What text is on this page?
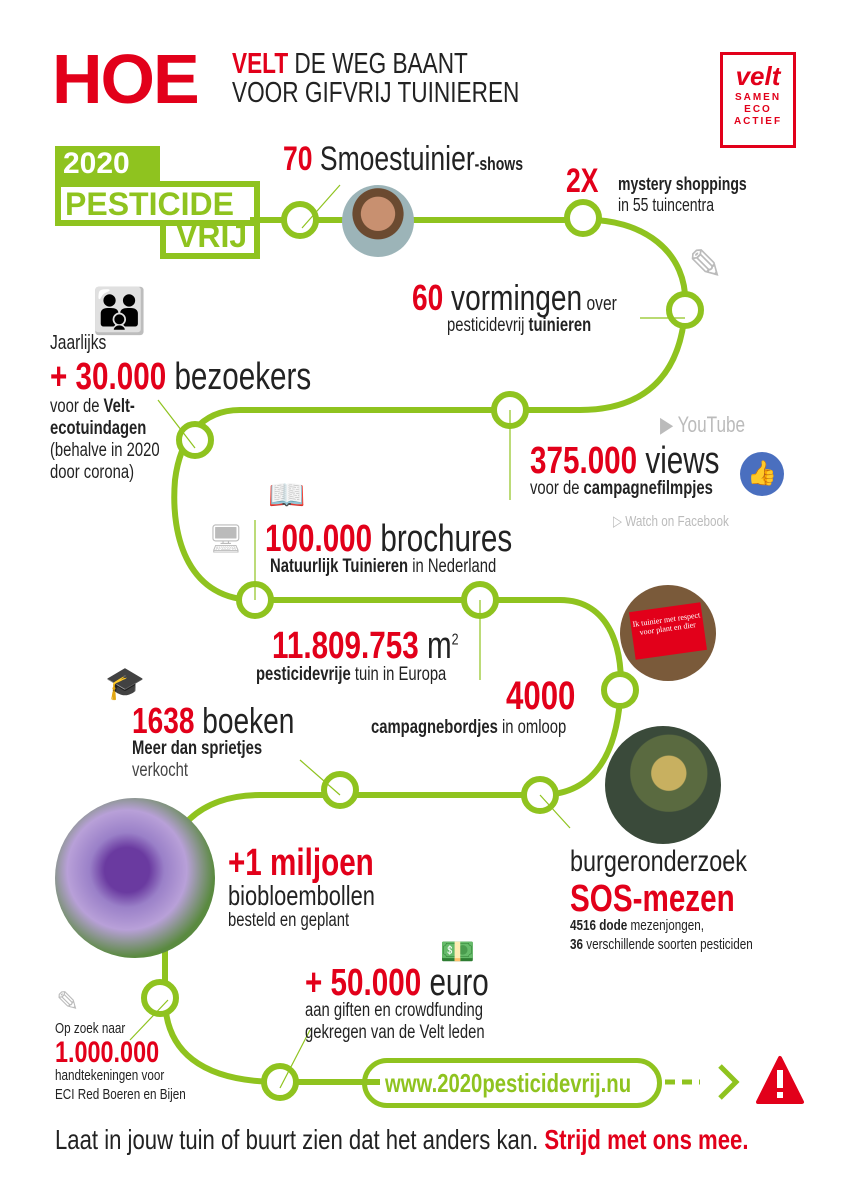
HOE VELT DE WEG BAANT
VOOR GIFVRIJ TUINIEREN
velt
SAMEN
ECO
ACTIEF
2020
PESTICIDE
VRIJ
70 Smoestuinier-shows	2X	mystery shoppings
in 55 tuincentra
✎
60 vormingen over
pesticidevrij tuinieren
👪
Jaarlijks
+ 30.000 bezoekers
voor de Velt-
ecotuindagen
(behalve in 2020
door corona)
▶ YouTube
375.000 views
voor de campagnefilmpjes
👍
▷ Watch on Facebook
📖
🖥 100.000 brochures
Natuurlijk Tuinieren in Nederland
Ik tuinier met respect voor plant en dier
11.809.753 $m^2$
pesticidevrije tuin in Europa	4000
campagnebordjes in omloop
🎓
1638 boeken
Meer dan sprietjes
verkocht
+1 miljoen
biobloembollen
besteld en geplant
burgeronderzoek
SOS-mezen
4516 dode mezenjongen,
36 verschillende soorten pesticiden
💵
+ 50.000 euro
aan giften en crowdfunding
gekregen van de Velt leden
✎
Op zoek naar
1.000.000
handtekeningen voor
ECI Red Boeren en Bijen	www.2020pesticidevrij.nu
Laat in jouw tuin of buurt zien dat het anders kan. Strijd met ons mee.
